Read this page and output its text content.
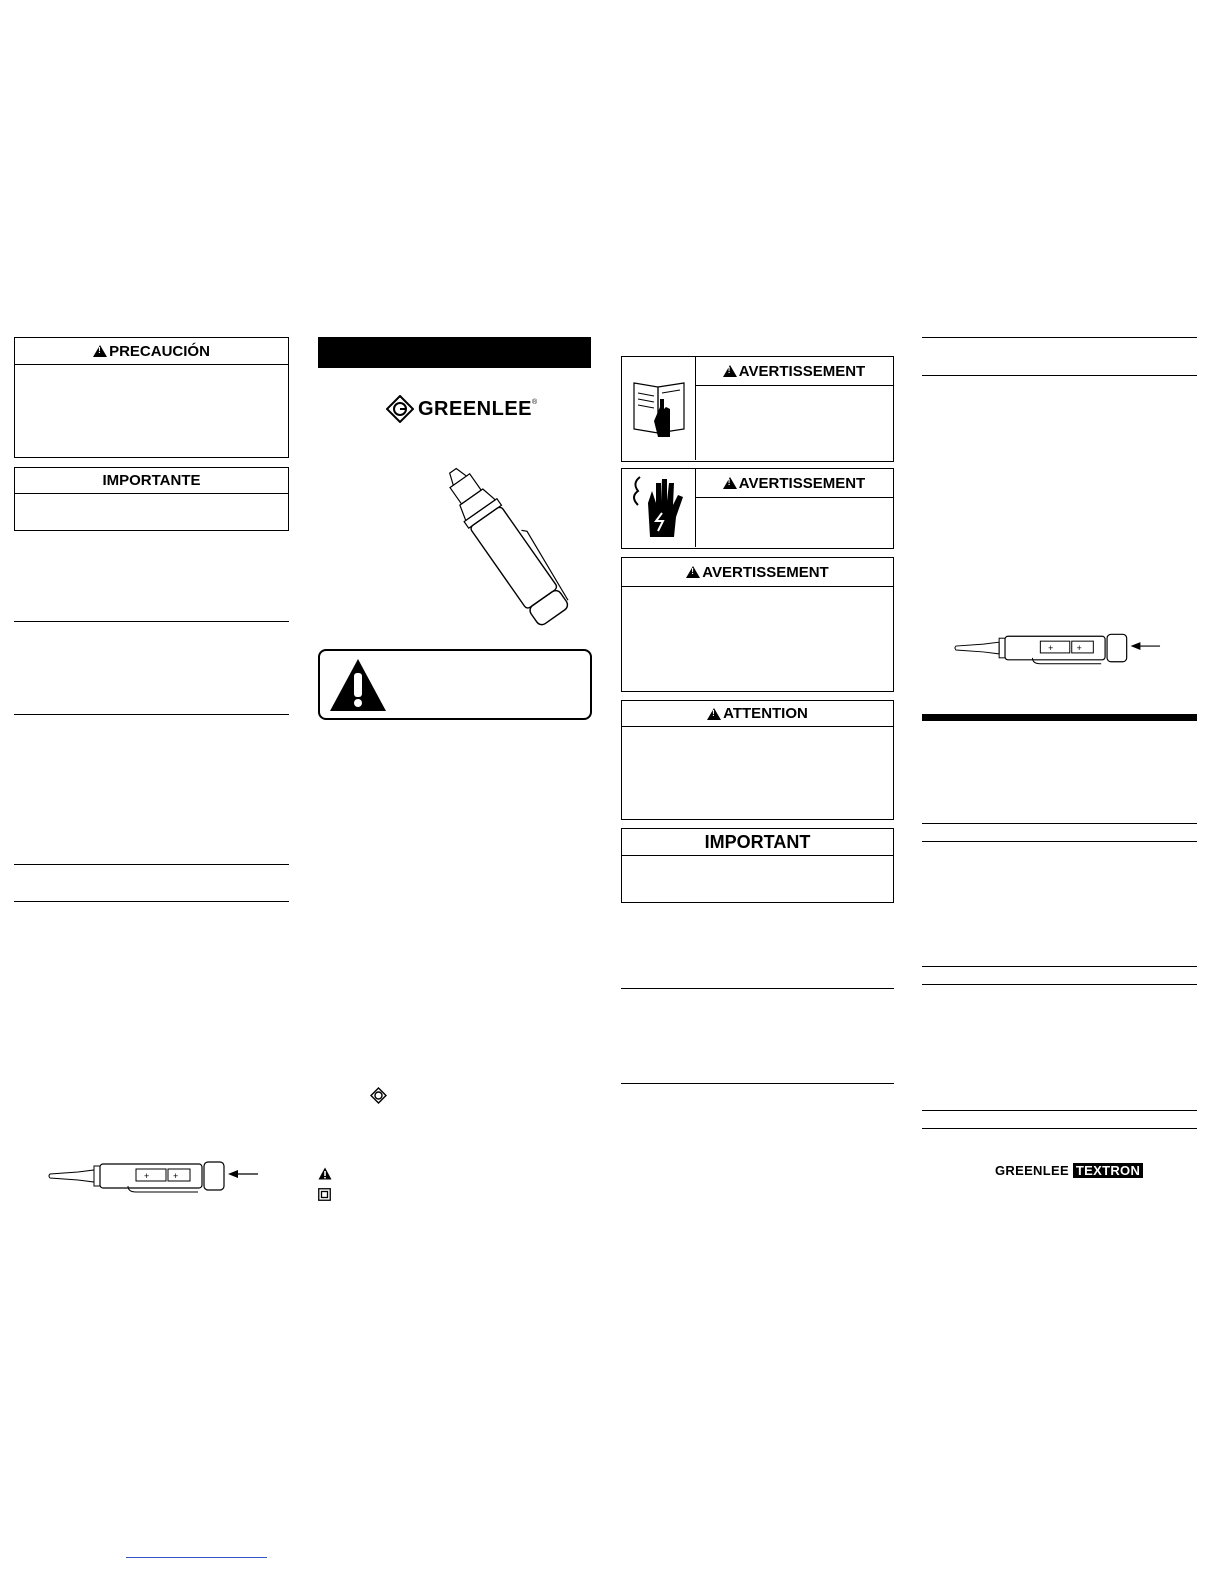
!
PRECAUCIÓN
IMPORTANTE
+	+
GREENLEE ®
!
AVERTISSEMENT
!
AVERTISSEMENT
!
AVERTISSEMENT
!
ATTENTION
IMPORTANT
+	+
GREENLEE TEXTRON
